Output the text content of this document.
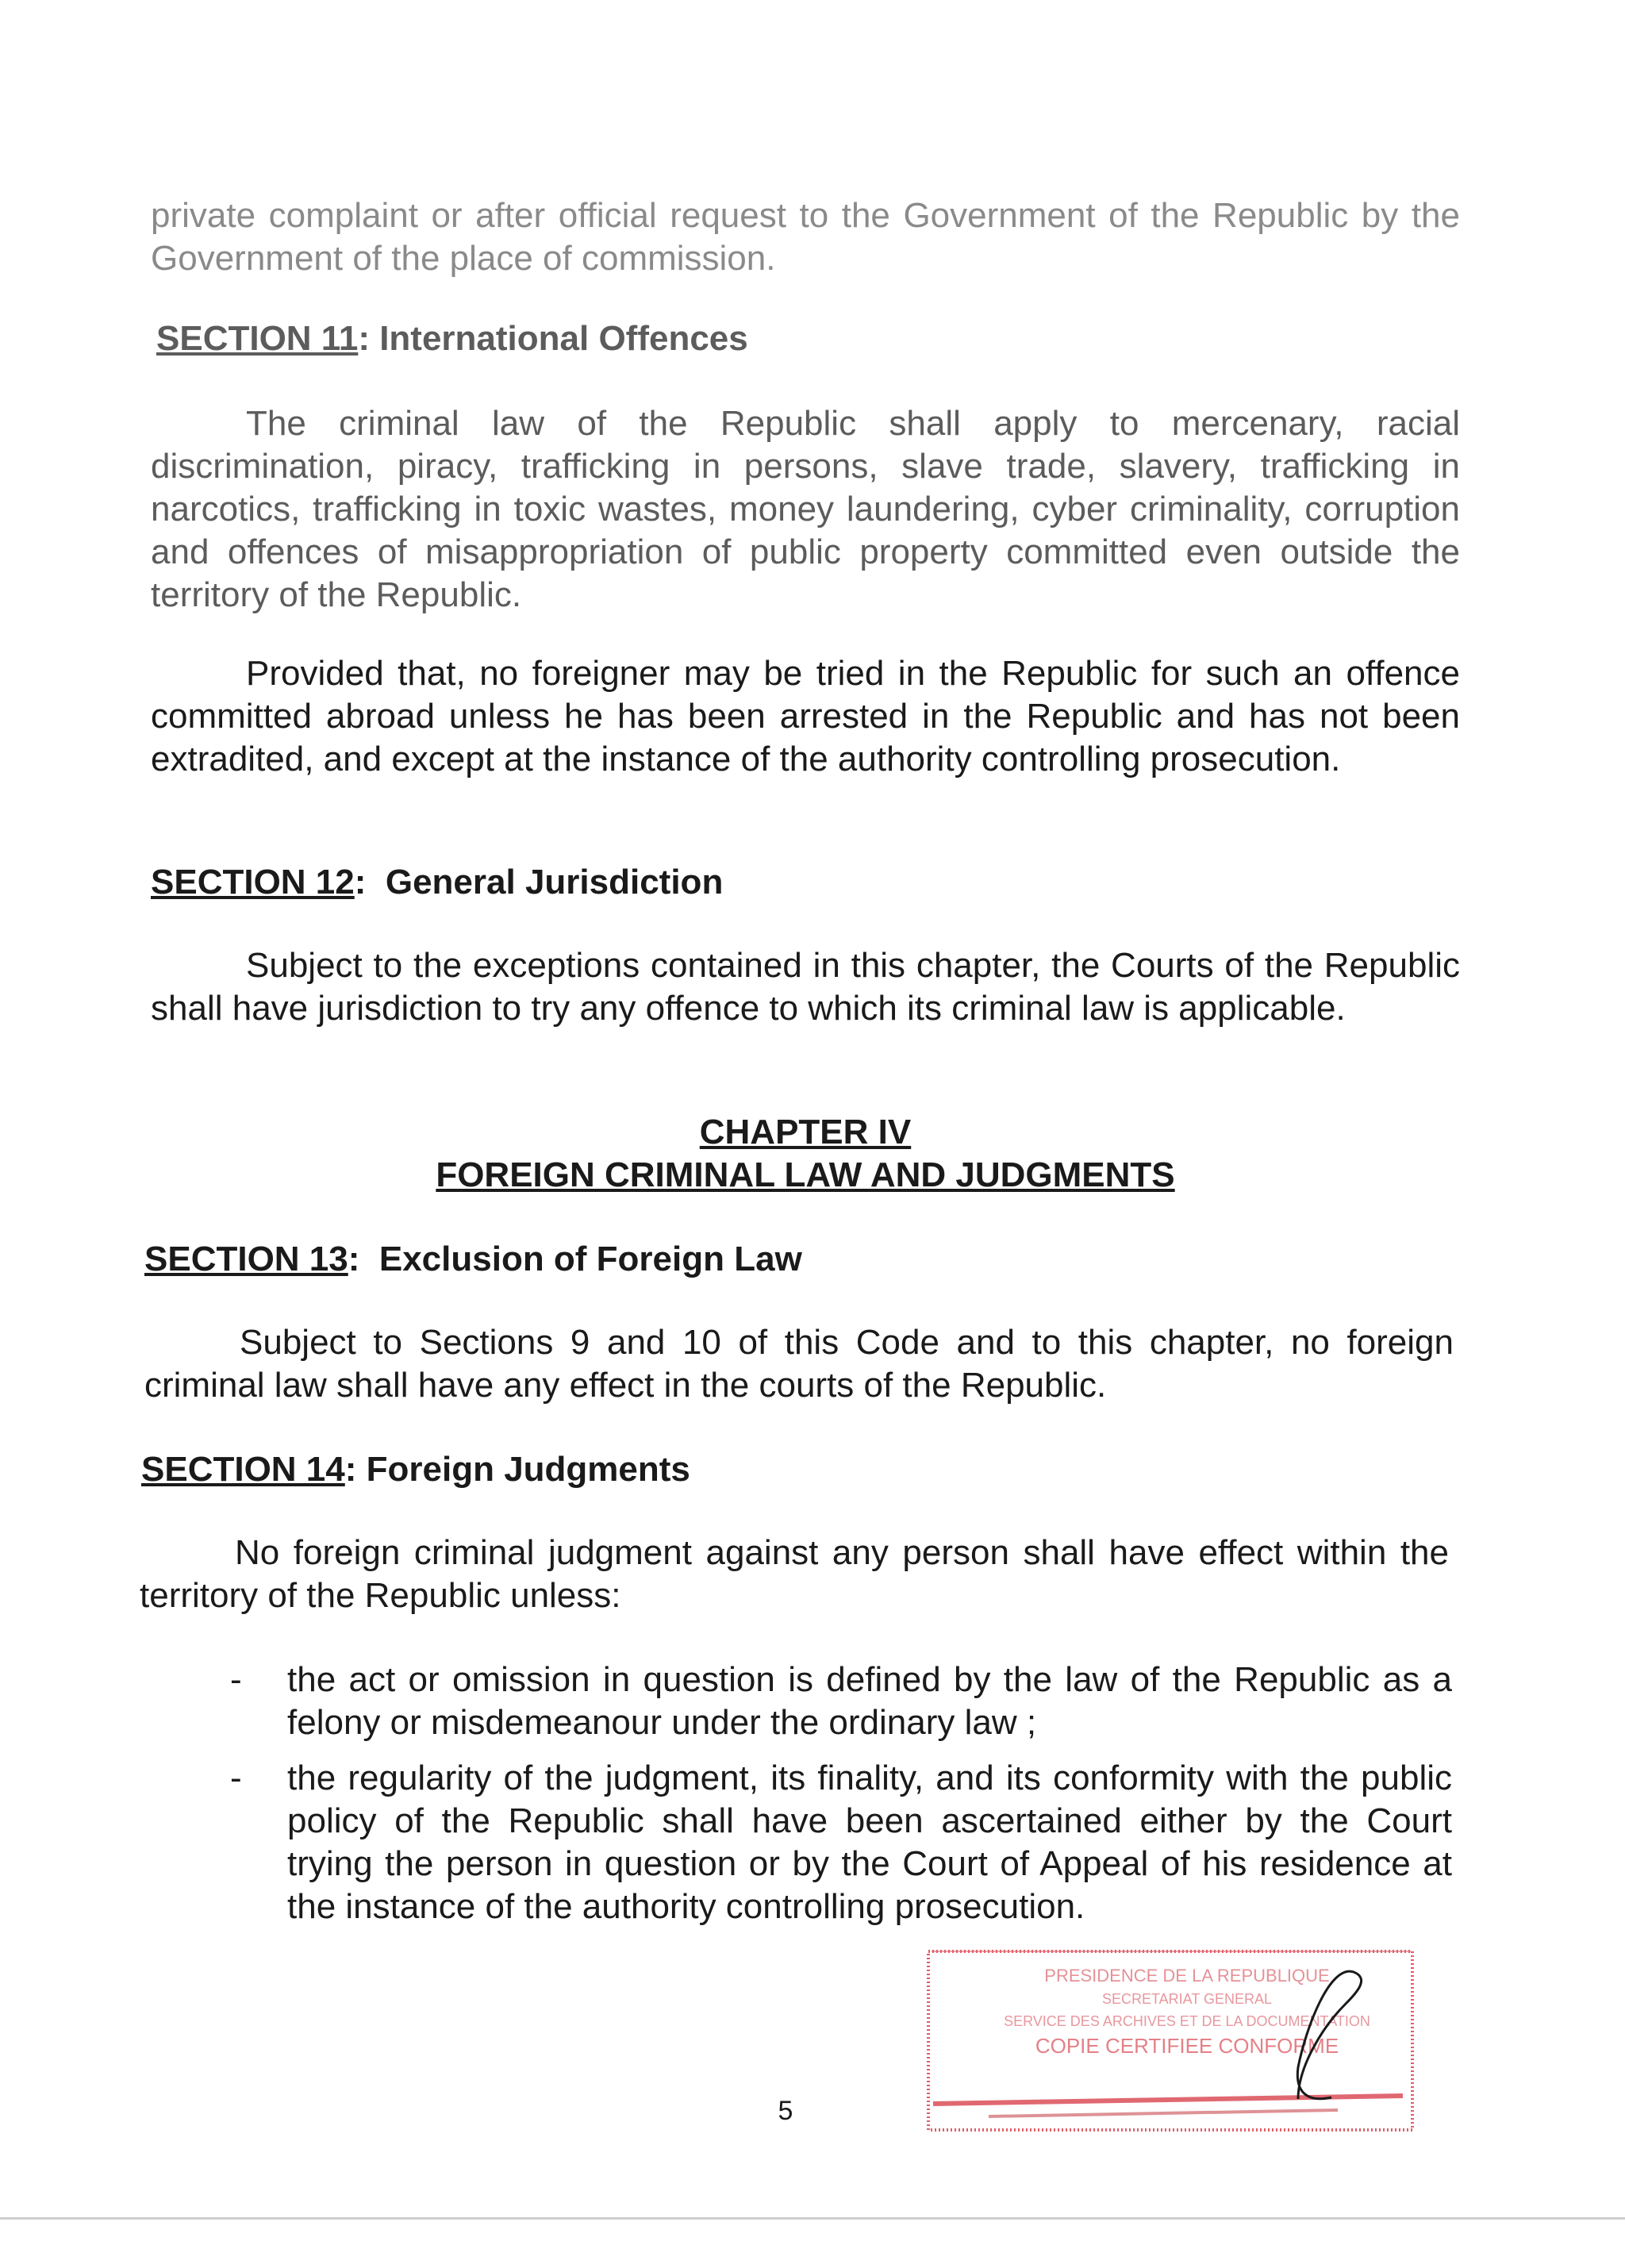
private complaint or after official request to the Government of the Republic by the Government of the place of commission.
SECTION 11: International Offences
The criminal law of the Republic shall apply to mercenary, racial discrimination, piracy, trafficking in persons, slave trade, slavery, trafficking in narcotics, trafficking in toxic wastes, money laundering, cyber criminality, corruption and offences of misappropriation of public property committed even outside the territory of the Republic.
Provided that, no foreigner may be tried in the Republic for such an offence committed abroad unless he has been arrested in the Republic and has not been extradited, and except at the instance of the authority controlling prosecution.
SECTION 12:  General Jurisdiction
Subject to the exceptions contained in this chapter, the Courts of the Republic shall have jurisdiction to try any offence to which its criminal law is applicable.
CHAPTER IV
FOREIGN CRIMINAL LAW AND JUDGMENTS
SECTION 13:  Exclusion of Foreign Law
Subject to Sections 9 and 10 of this Code and to this chapter, no foreign criminal law shall have any effect in the courts of the Republic.
SECTION 14: Foreign Judgments
No foreign criminal judgment against any person shall have effect within the territory of the Republic unless:
- the act or omission in question is defined by the law of the Republic as a felony or misdemeanour under the ordinary law ;
- the regularity of the judgment, its finality, and its conformity with the public policy of the Republic shall have been ascertained either by the Court trying the person in question or by the Court of Appeal of his residence at the instance of the authority controlling prosecution.
PRESIDENCE DE LA REPUBLIQUE
SECRETARIAT GENERAL
SERVICE DES ARCHIVES ET DE LA DOCUMENTATION
COPIE CERTIFIEE CONFORME
5
